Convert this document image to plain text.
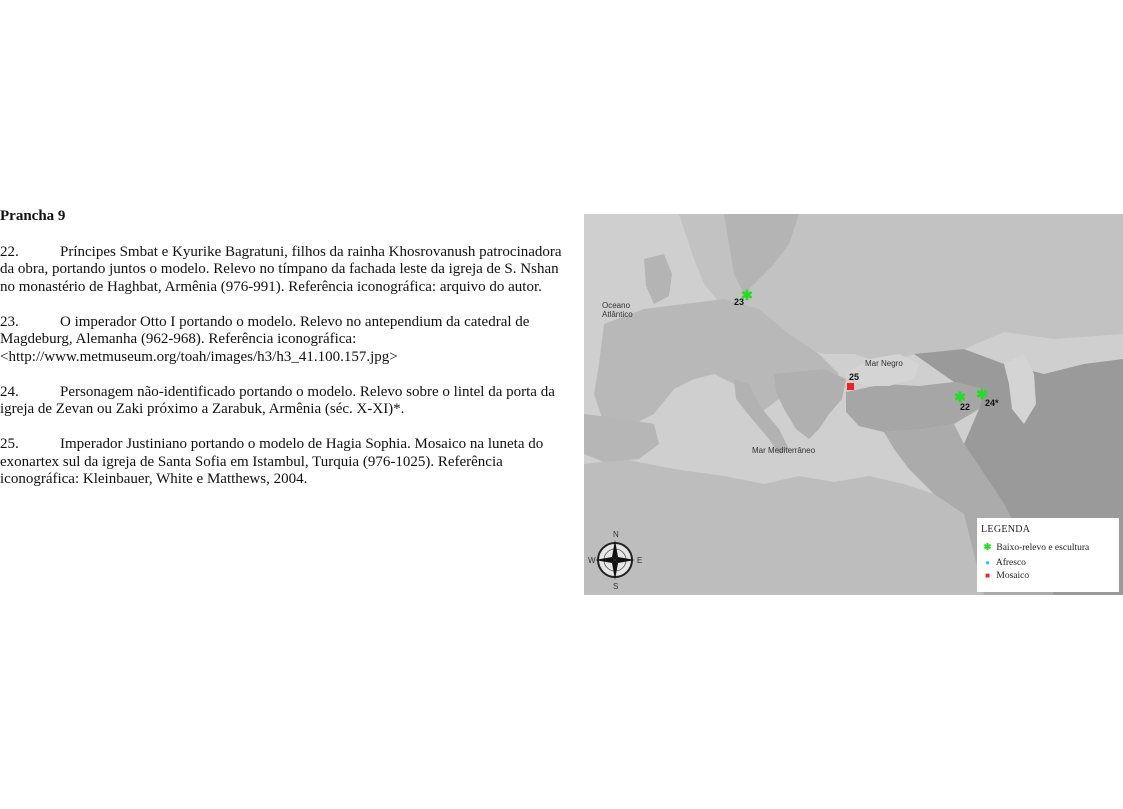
Prancha 9

22.	Príncipes Smbat e Kyurike Bagratuni, filhos da rainha Khosrovanush patrocinadora da obra, portando juntos o modelo. Relevo no tímpano da fachada leste da igreja de S. Nshan no monastério de Haghbat, Armênia (976-991). Referência iconográfica: arquivo do autor.

23.	O imperador Otto I portando o modelo. Relevo no antependium da catedral de Magdeburg, Alemanha (962-968). Referência iconográfica: <http://www.metmuseum.org/toah/images/h3/h3_41.100.157.jpg>

24.	Personagem não-identificado portando o modelo. Relevo sobre o lintel da porta da igreja de Zevan ou Zaki próximo a Zarabuk, Armênia (séc. X-XI)*.

25.	Imperador Justiniano portando o modelo de Hagia Sophia. Mosaico na luneta do exonartex sul da igreja de Santa Sofia em Istambul, Turquia (976-1025). Referência iconográfica: Kleinbauer, White e Matthews, 2004.

✱
✱ ✱
N
S
E
W
Oceano
Atlântico
Mar Negro
Mar Mediterrâneo
23
25
22 24*
LEGENDA
✱ Baixo-relevo e escultura
● Afresco
■ Mosaico
